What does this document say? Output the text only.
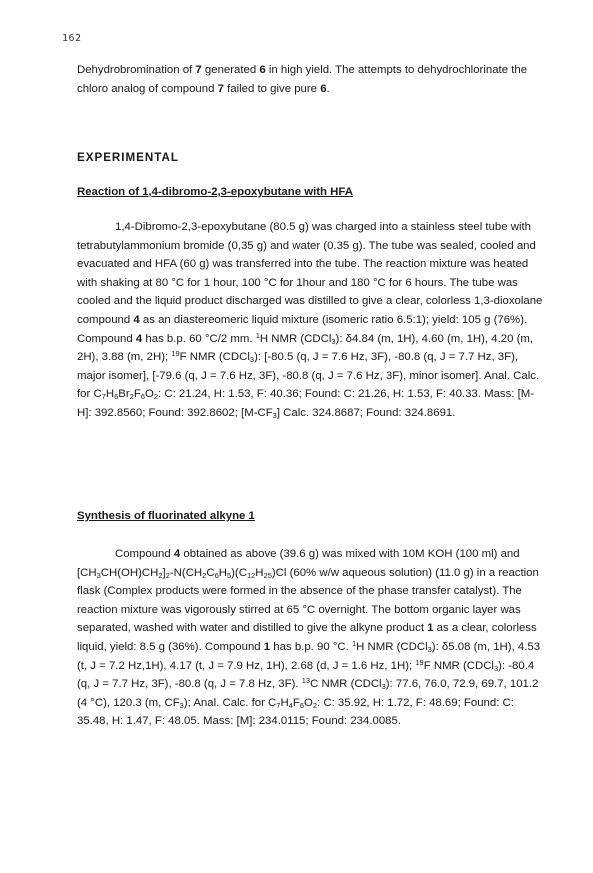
162

Dehydrobromination of 7 generated 6 in high yield. The attempts to dehydrochlorinate the chloro analog of compound 7 failed to give pure 6.

EXPERIMENTAL
Reaction of 1,4-dibromo-2,3-epoxybutane with HFA

1,4-Dibromo-2,3-epoxybutane (80.5 g) was charged into a stainless steel tube with tetrabutylammonium bromide (0,35 g) and water (0.35 g). The tube was sealed, cooled and evacuated and HFA (60 g) was transferred into the tube. The reaction mixture was heated with shaking at 80 °C for 1 hour, 100 °C for 1hour and 180 °C for 6 hours. The tube was cooled and the liquid product discharged was distilled to give a clear, colorless 1,3-dioxolane compound 4 as an diastereomeric liquid mixture (isomeric ratio 6.5:1); yield: 105 g (76%). Compound 4 has b.p. 60 °C/2 mm. $^1$H NMR (CDCl$_3$): δ4.84 (m, 1H), 4.60 (m, 1H), 4.20 (m, 2H), 3.88 (m, 2H); $^{19}$F NMR (CDCl$_3$): [-80.5 (q, J = 7.6 Hz, 3F), -80.8 (q, J = 7.7 Hz, 3F), major isomer], [-79.6 (q, J = 7.6 Hz, 3F), -80.8 (q, J = 7.6 Hz, 3F), minor isomer]. Anal. Calc. for $C_7H_6Br_2F_6O_2$: C: 21.24, H: 1.53, F: 40.36; Found: C: 21.26, H: 1.53, F: 40.33. Mass: [M-H]: 392.8560; Found: 392.8602; $[M-CF_3]$ Calc. 324.8687; Found: 324.8691.

Synthesis of fluorinated alkyne 1

Compound 4 obtained as above (39.6 g) was mixed with 10M KOH (100 ml) and $[CH_3CH(OH)CH_2]_2-N(CH_2C_6H_5)(C_{12}H_{25})Cl$ (60% w/w aqueous solution) (11.0 g) in a reaction flask (Complex products were formed in the absence of the phase transfer catalyst). The reaction mixture was vigorously stirred at 65 °C overnight. The bottom organic layer was separated, washed with water and distilled to give the alkyne product 1 as a clear, colorless liquid, yield: 8.5 g (36%). Compound 1 has b.p. 90 °C. $^1$H NMR (CDCl$_3$): δ5.08 (m, 1H), 4.53 (t, J = 7.2 Hz,1H), 4.17 (t, J = 7.9 Hz, 1H), 2.68 (d, J = 1.6 Hz, 1H); $^{19}$F NMR (CDCl$_3$): -80.4 (q, J = 7.7 Hz, 3F), -80.8 (q, J = 7.8 Hz, 3F). $^{13}$C NMR (CDCl$_3$): 77.6, 76.0, 72.9, 69.7, 101.2 (4 °C), 120.3 (m, $CF_3$); Anal. Calc. for $C_7H_4F_6O_2$: C: 35.92, H: 1.72, F: 48.69; Found: C: 35.48, H: 1.47, F: 48.05. Mass: [M]: 234.0115; Found: 234.0085.
